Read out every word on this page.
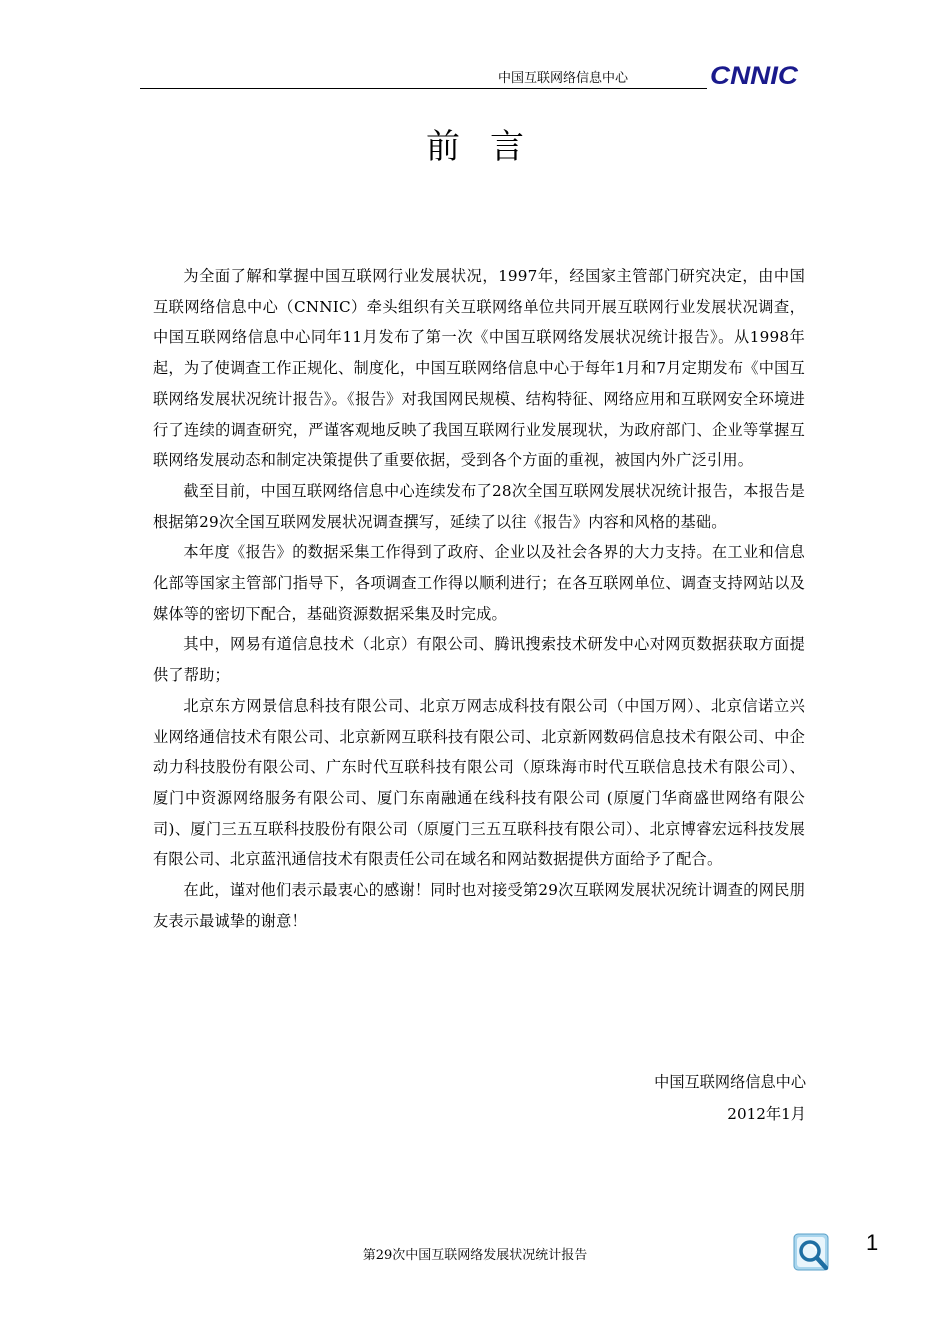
中国互联网络信息中心	CNNIC
前言

为全面了解和掌握中国互联网行业发展状况，1997年，经国家主管部门研究决定，由中国互联网络信息中心（CNNIC）牵头组织有关互联网络单位共同开展互联网行业发展状况调查，中国互联网络信息中心同年11月发布了第一次《中国互联网络发展状况统计报告》。从1998年起，为了使调查工作正规化、制度化，中国互联网络信息中心于每年1月和7月定期发布《中国互联网络发展状况统计报告》。《报告》对我国网民规模、结构特征、网络应用和互联网安全环境进行了连续的调查研究，严谨客观地反映了我国互联网行业发展现状，为政府部门、企业等掌握互联网络发展动态和制定决策提供了重要依据，受到各个方面的重视，被国内外广泛引用。

截至目前，中国互联网络信息中心连续发布了28次全国互联网发展状况统计报告，本报告是根据第29次全国互联网发展状况调查撰写，延续了以往《报告》内容和风格的基础。

本年度《报告》的数据采集工作得到了政府、企业以及社会各界的大力支持。在工业和信息化部等国家主管部门指导下，各项调查工作得以顺利进行；在各互联网单位、调查支持网站以及媒体等的密切下配合，基础资源数据采集及时完成。

其中，网易有道信息技术（北京）有限公司、腾讯搜索技术研发中心对网页数据获取方面提供了帮助；

北京东方网景信息科技有限公司、北京万网志成科技有限公司（中国万网）、北京信诺立兴业网络通信技术有限公司、北京新网互联科技有限公司、北京新网数码信息技术有限公司、中企动力科技股份有限公司、广东时代互联科技有限公司（原珠海市时代互联信息技术有限公司）、厦门中资源网络服务有限公司、厦门东南融通在线科技有限公司 (原厦门华商盛世网络有限公司)、厦门三五互联科技股份有限公司（原厦门三五互联科技有限公司）、北京博睿宏远科技发展有限公司、北京蓝汛通信技术有限责任公司在域名和网站数据提供方面给予了配合。

在此，谨对他们表示最衷心的感谢！同时也对接受第29次互联网发展状况统计调查的网民朋友表示最诚挚的谢意！

中国互联网络信息中心
2012年1月
第29次中国互联网络发展状况统计报告
1
